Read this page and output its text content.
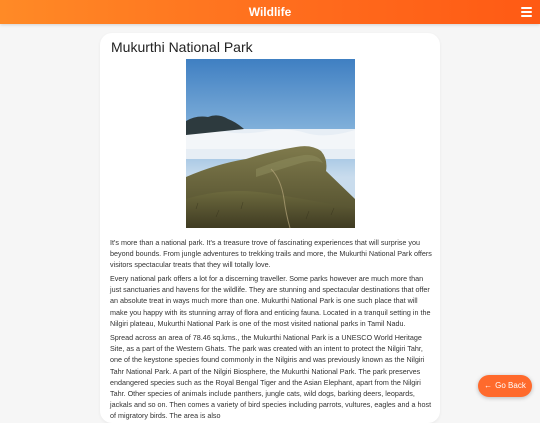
Wildlife
Mukurthi National Park

It's more than a national park. It's a treasure trove of fascinating experiences that will surprise you beyond bounds. From jungle adventures to trekking trails and more, the Mukurthi National Park offers visitors spectacular treats that they will totally love.

Every national park offers a lot for a discerning traveller. Some parks however are much more than just sanctuaries and havens for the wildlife. They are stunning and spectacular destinations that offer an absolute treat in ways much more than one. Mukurthi National Park is one such place that will make you happy with its stunning array of flora and enticing fauna. Located in a tranquil setting in the Nilgiri plateau, Mukurthi National Park is one of the most visited national parks in Tamil Nadu.

Spread across an area of 78.46 sq.kms., the Mukurthi National Park is a UNESCO World Heritage Site, as a part of the Western Ghats. The park was created with an intent to protect the Nilgiri Tahr, one of the keystone species found commonly in the Nilgiris and was previously known as the Nilgiri Tahr National Park. A part of the Nilgiri Biosphere, the Mukurthi National Park. The park preserves endangered species such as the Royal Bengal Tiger and the Asian Elephant, apart from the Nilgiri Tahr. Other species of animals include panthers, jungle cats, wild dogs, barking deers, leopards, jackals and so on. Then comes a variety of bird species including parrots, vultures, eagles and a host of migratory birds. The area is also

← Go Back
